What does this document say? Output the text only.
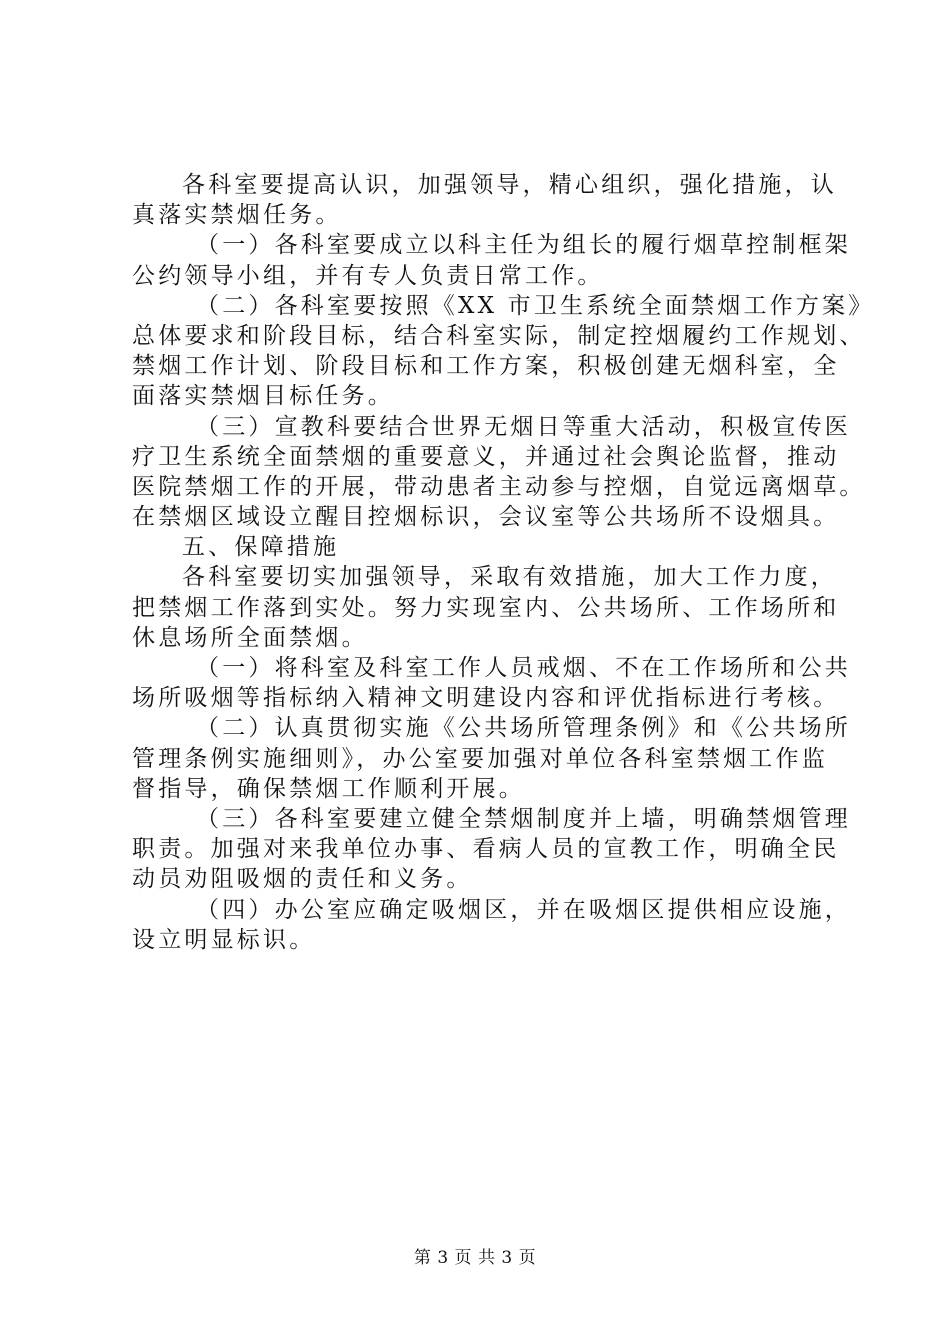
各科室要提高认识，加强领导，精心组织，强化措施，认
真落实禁烟任务。
（一）各科室要成立以科主任为组长的履行烟草控制框架
公约领导小组，并有专人负责日常工作。
（二）各科室要按照《XX 市卫生系统全面禁烟工作方案》
总体要求和阶段目标，结合科室实际，制定控烟履约工作规划、
禁烟工作计划、阶段目标和工作方案，积极创建无烟科室，全
面落实禁烟目标任务。
（三）宣教科要结合世界无烟日等重大活动，积极宣传医
疗卫生系统全面禁烟的重要意义，并通过社会舆论监督，推动
医院禁烟工作的开展，带动患者主动参与控烟，自觉远离烟草。
在禁烟区域设立醒目控烟标识，会议室等公共场所不设烟具。
五、保障措施
各科室要切实加强领导，采取有效措施，加大工作力度，
把禁烟工作落到实处。努力实现室内、公共场所、工作场所和
休息场所全面禁烟。
（一）将科室及科室工作人员戒烟、不在工作场所和公共
场所吸烟等指标纳入精神文明建设内容和评优指标进行考核。
（二）认真贯彻实施《公共场所管理条例》和《公共场所
管理条例实施细则》，办公室要加强对单位各科室禁烟工作监
督指导，确保禁烟工作顺利开展。
（三）各科室要建立健全禁烟制度并上墙，明确禁烟管理
职责。加强对来我单位办事、看病人员的宣教工作，明确全民
动员劝阻吸烟的责任和义务。
（四）办公室应确定吸烟区，并在吸烟区提供相应设施，
设立明显标识。
第 3 页 共 3 页
